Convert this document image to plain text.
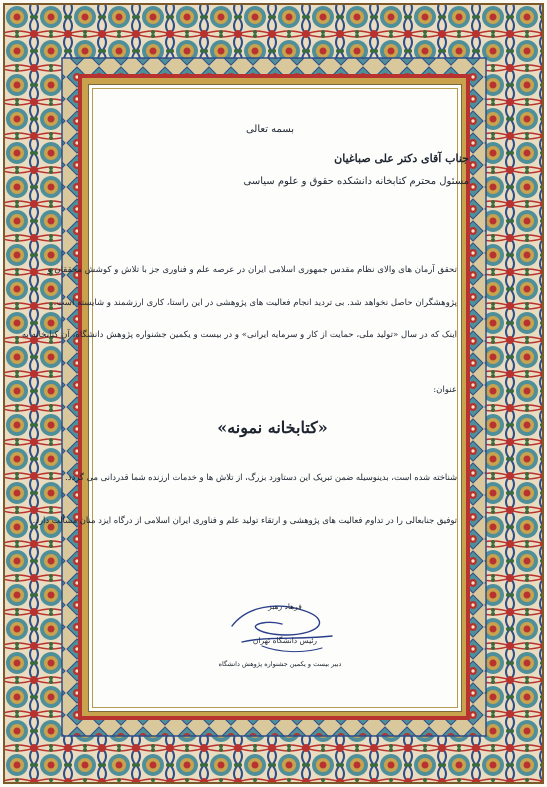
بسمه تعالی
جناب آقای دکتر علی صباغیان
مسئول محترم کتابخانه دانشکده حقوق و علوم سیاسی
تحقق آرمان های والای نظام مقدس جمهوری اسلامی ایران در عرصه علم و فناوری جز با تلاش و کوشش محققان و
پژوهشگران حاصل نخواهد شد. بی تردید انجام فعالیت های پژوهشی در این راستا، کاری ارزشمند و شایسته است.
اینک که در سال «تولید ملی، حمایت از کار و سرمایه ایرانی» و در بیست و یکمین جشنواره پژوهش دانشگاه، آن کتابخانه به
عنوان:
«کتابخانه نمونه»
شناخته شده است، بدینوسیله ضمن تبریک این دستاورد بزرگ، از تلاش ها و خدمات ارزنده شما قدردانی می گردد.
توفیق جنابعالی را در تداوم فعالیت های پژوهشی و ارتقاء تولید علم و فناوری ایران اسلامی از درگاه ایزد منان مسألت دارد.
فرهاد رهبر
رئیس دانشگاه تهران
دبیر بیست و یکمین جشنواره پژوهش دانشگاه
